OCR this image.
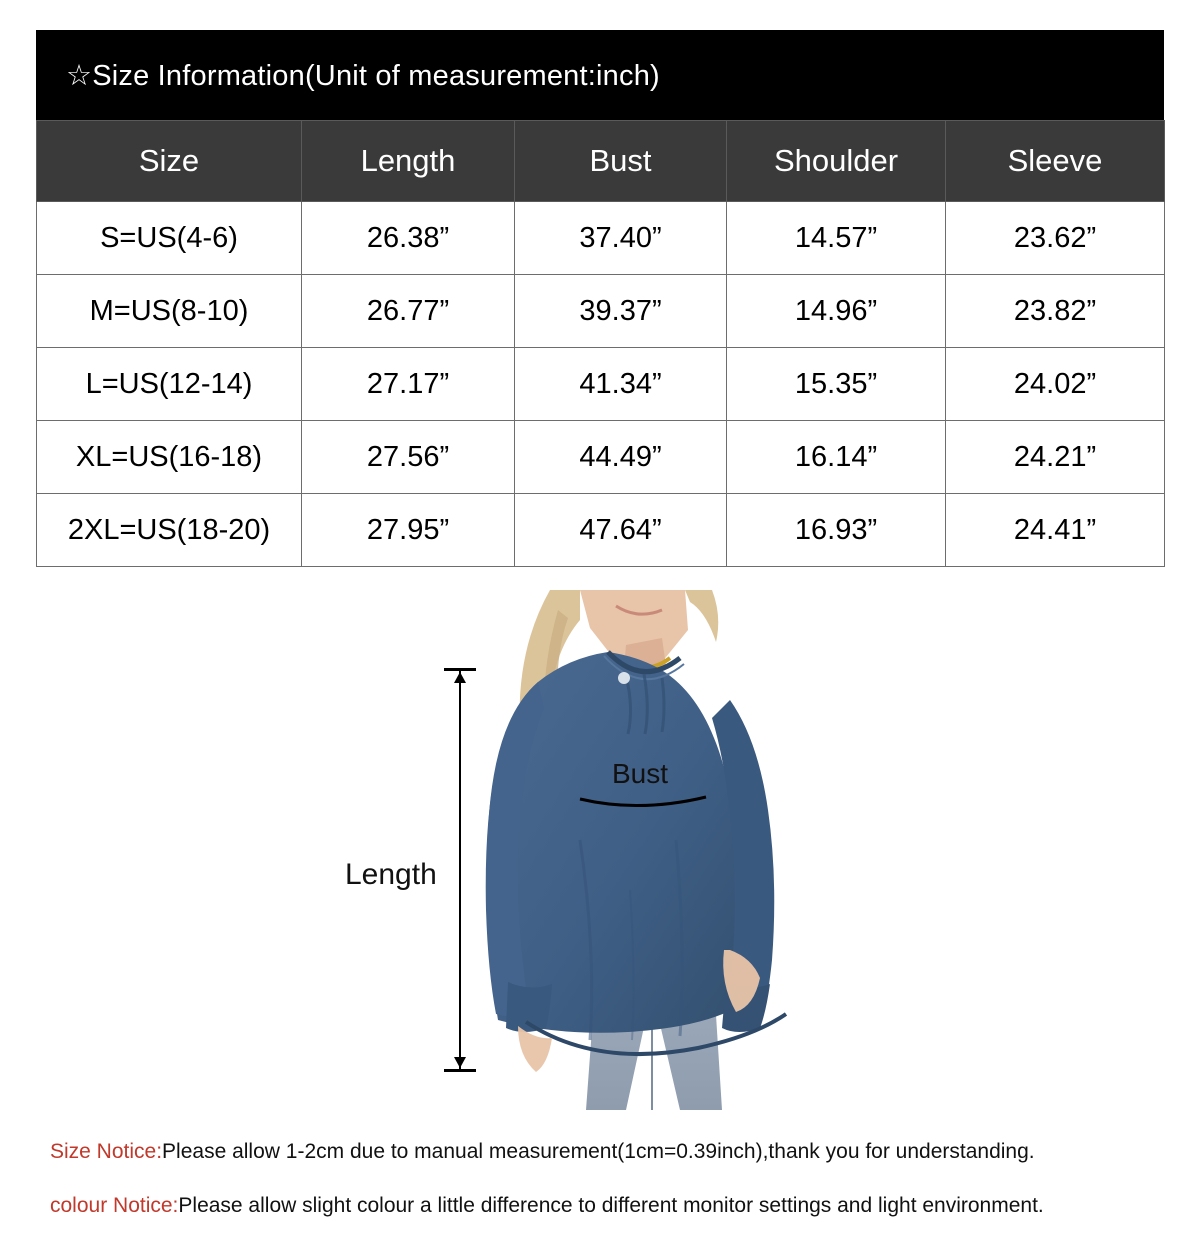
☆Size Information(Unit of measurement:inch)
Size	Length	Bust	Shoulder	Sleeve
S=US(4-6)	26.38”	37.40”	14.57”	23.62”
M=US(8-10)	26.77”	39.37”	14.96”	23.82”
L=US(12-14)	27.17”	41.34”	15.35”	24.02”
XL=US(16-18)	27.56”	44.49”	16.14”	24.21”
2XL=US(18-20)	27.95”	47.64”	16.93”	24.41”
Length
Bust
Size Notice:Please allow 1-2cm due to manual measurement(1cm=0.39inch),thank you for understanding.
colour Notice:Please allow slight colour a little difference to different monitor settings and light environment.
